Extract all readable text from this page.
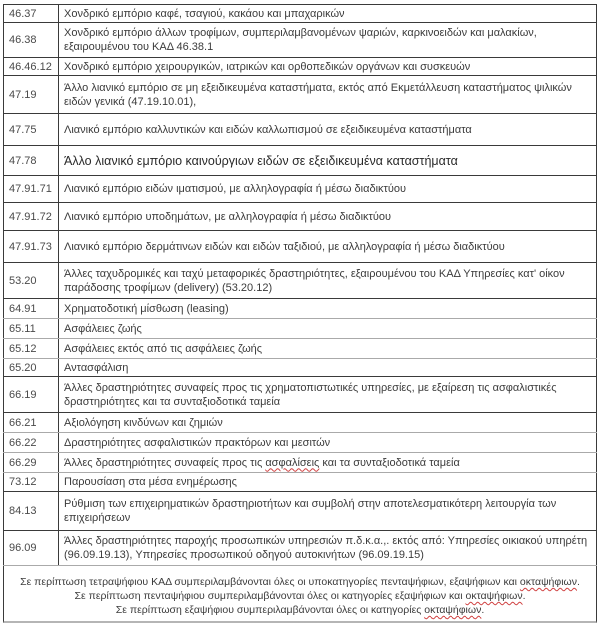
46.37	Χονδρικό εμπόριο καφέ, τσαγιού, κακάου και μπαχαρικών
46.38	Χονδρικό εμπόριο άλλων τροφίμων, συμπεριλαμβανομένων ψαριών, καρκινοειδών και μαλακίων, εξαιρουμένου του ΚΑΔ 46.38.1
46.46.12	Χονδρικό εμπόριο χειρουργικών, ιατρικών και ορθοπεδικών οργάνων και συσκευών
47.19	Άλλο λιανικό εμπόριο σε μη εξειδικευμένα καταστήματα, εκτός από Εκμετάλλευση καταστήματος ψιλικών ειδών γενικά (47.19.10.01),
47.75	Λιανικό εμπόριο καλλυντικών και ειδών καλλωπισμού σε εξειδικευμένα καταστήματα
47.78	Άλλο λιανικό εμπόριο καινούργιων ειδών σε εξειδικευμένα καταστήματα
47.91.71	Λιανικό εμπόριο ειδών ιματισμού, με αλληλογραφία ή μέσω διαδικτύου
47.91.72	Λιανικό εμπόριο υποδημάτων, με αλληλογραφία ή μέσω διαδικτύου
47.91.73	Λιανικό εμπόριο δερμάτινων ειδών και ειδών ταξιδιού, με αλληλογραφία ή μέσω διαδικτύου
53.20	Άλλες ταχυδρομικές και ταχύ μεταφορικές δραστηριότητες, εξαιρουμένου του ΚΑΔ Υπηρεσίες κατ' οίκον παράδοσης τροφίμων (delivery) (53.20.12)
64.91	Χρηματοδοτική μίσθωση (leasing)
65.11	Ασφάλειες ζωής
65.12	Ασφάλειες εκτός από τις ασφάλειες ζωής
65.20	Αντασφάλιση
66.19	Άλλες δραστηριότητες συναφείς προς τις χρηματοπιστωτικές υπηρεσίες, με εξαίρεση τις ασφαλιστικές δραστηριότητες και τα συνταξιοδοτικά ταμεία
66.21	Αξιολόγηση κινδύνων και ζημιών
66.22	Δραστηριότητες ασφαλιστικών πρακτόρων και μεσιτών
66.29	Άλλες δραστηριότητες συναφείς προς τις ασφαλίσεις και τα συνταξιοδοτικά ταμεία
73.12	Παρουσίαση στα μέσα ενημέρωσης
84.13	Ρύθμιση των επιχειρηματικών δραστηριοτήτων και συμβολή στην αποτελεσματικότερη λειτουργία των επιχειρήσεων
96.09	Άλλες δραστηριότητες παροχής προσωπικών υπηρεσιών π.δ.κ.α.,. εκτός από: Υπηρεσίες οικιακού υπηρέτη (96.09.19.13), Υπηρεσίες προσωπικού οδηγού αυτοκινήτων (96.09.19.15)
Σε περίπτωση τετραψήφιου ΚΑΔ συμπεριλαμβάνονται όλες οι υποκατηγορίες πενταψήφιων, εξαψήφιων και οκταψήφιων.
Σε περίπτωση πενταψήφιου συμπεριλαμβάνονται όλες οι κατηγορίες εξαψήφιων και οκταψήφιων.
Σε περίπτωση εξαψήφιου συμπεριλαμβάνονται όλες οι κατηγορίες οκταψήφιων.
